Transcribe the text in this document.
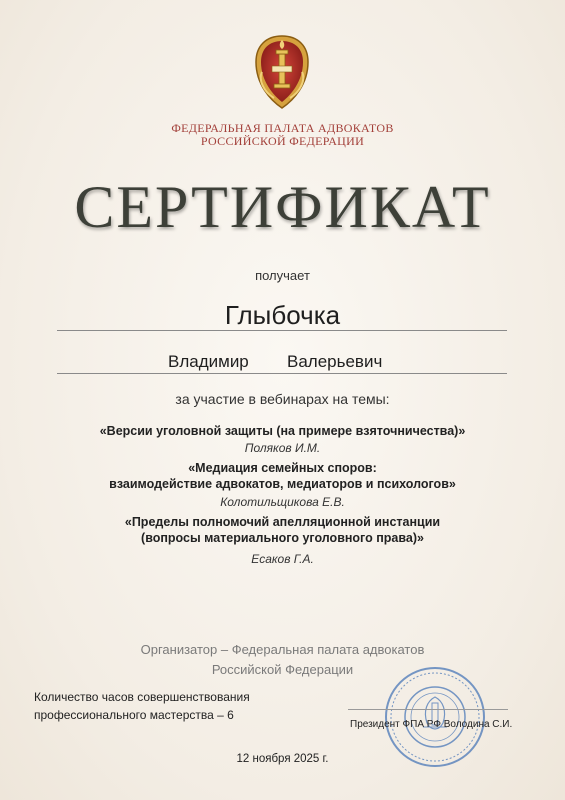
ФЕДЕРАЛЬНАЯ ПАЛАТА АДВОКАТОВ
РОССИЙСКОЙ ФЕДЕРАЦИИ
СЕРТИФИКАТ
получает
Глыбочка
Владимир Валерьевич
за участие в вебинарах на темы:
«Версии уголовной защиты (на примере взяточничества)»
Поляков И.М.
«Медиация семейных споров:
взаимодействие адвокатов, медиаторов и психологов»
Колотильщикова Е.В.
«Пределы полномочий апелляционной инстанции
(вопросы материального уголовного права)»
Есаков Г.А.
Организатор – Федеральная палата адвокатов
Российской Федерации
Количество часов совершенствования
профессионального мастерства – 6
Президент ФПА РФ Володина С.И.
12 ноября 2025 г.
